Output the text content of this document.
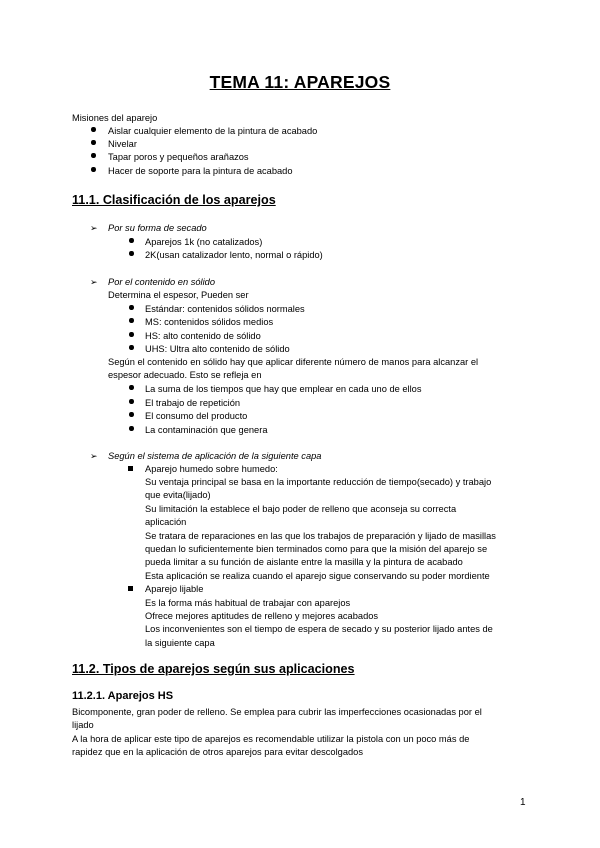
TEMA 11: APAREJOS
Misiones del aparejo
Aislar cualquier elemento de la pintura de acabado
Nivelar
Tapar poros y pequeños arañazos
Hacer de soporte para la pintura de acabado
11.1. Clasificación de los aparejos
➢ Por su forma de secado
Aparejos 1k (no catalizados)
2K(usan catalizador lento, normal o rápido)
➢ Por el contenido en sólido
Determina el espesor, Pueden ser
Estándar: contenidos sólidos normales
MS: contenidos sólidos medios
HS: alto contenido de sólido
UHS: Ultra alto contenido de sólido
Según el contenido en sólido hay que aplicar diferente número de manos para alcanzar el
espesor adecuado. Esto se refleja en
La suma de los tiempos que hay que emplear en cada uno de ellos
El trabajo de repetición
El consumo del producto
La contaminación que genera
➢ Según el sistema de aplicación de la siguiente capa
Aparejo humedo sobre humedo:
Su ventaja principal se basa en la importante reducción de tiempo(secado) y trabajo
que evita(lijado)
Su limitación la establece el bajo poder de relleno que aconseja su correcta
aplicación
Se tratara de reparaciones en las que los trabajos de preparación y lijado de masillas
quedan lo suficientemente bien terminados como para que la misión del aparejo se
pueda limitar a su función de aislante entre la masilla y la pintura de acabado
Esta aplicación se realiza cuando el aparejo sigue conservando su poder mordiente
Aparejo lijable
Es la forma más habitual de trabajar con aparejos
Ofrece mejores aptitudes de relleno y mejores acabados
Los inconvenientes son el tiempo de espera de secado y su posterior lijado antes de
la siguiente capa
11.2. Tipos de aparejos según sus aplicaciones
11.2.1. Aparejos HS
Bicomponente, gran poder de relleno. Se emplea para cubrir las imperfecciones ocasionadas por el
lijado
A la hora de aplicar este tipo de aparejos es recomendable utilizar la pistola con un poco más de
rapidez que en la aplicación de otros aparejos para evitar descolgados
1
